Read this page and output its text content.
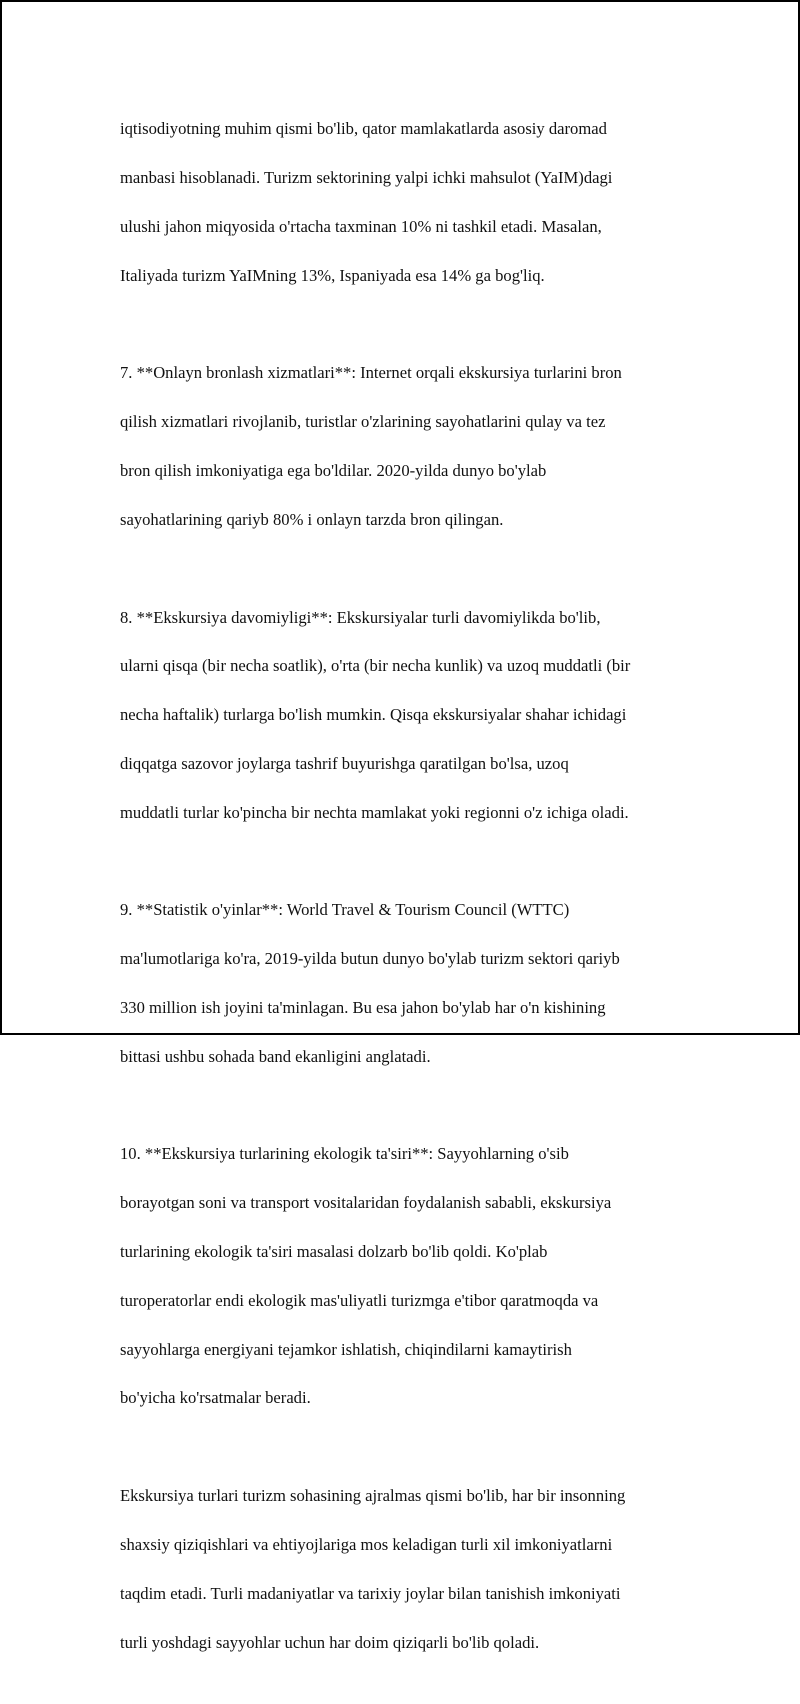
iqtisodiyotning muhim qismi bo'lib, qator mamlakatlarda asosiy daromad

manbasi hisoblanadi. Turizm sektorining yalpi ichki mahsulot (YaIM)dagi

ulushi jahon miqyosida o'rtacha taxminan 10% ni tashkil etadi. Masalan,

Italiyada turizm YaIMning 13%, Ispaniyada esa 14% ga bog'liq.

7. **Onlayn bronlash xizmatlari**: Internet orqali ekskursiya turlarini bron

qilish xizmatlari rivojlanib, turistlar o'zlarining sayohatlarini qulay va tez

bron qilish imkoniyatiga ega bo'ldilar. 2020-yilda dunyo bo'ylab

sayohatlarining qariyb 80% i onlayn tarzda bron qilingan.

8. **Ekskursiya davomiyligi**: Ekskursiyalar turli davomiylikda bo'lib,

ularni qisqa (bir necha soatlik), o'rta (bir necha kunlik) va uzoq muddatli (bir

necha haftalik) turlarga bo'lish mumkin. Qisqa ekskursiyalar shahar ichidagi

diqqatga sazovor joylarga tashrif buyurishga qaratilgan bo'lsa, uzoq

muddatli turlar ko'pincha bir nechta mamlakat yoki regionni o'z ichiga oladi.

9. **Statistik o'yinlar**: World Travel & Tourism Council (WTTC)

ma'lumotlariga ko'ra, 2019-yilda butun dunyo bo'ylab turizm sektori qariyb

330 million ish joyini ta'minlagan. Bu esa jahon bo'ylab har o'n kishining

bittasi ushbu sohada band ekanligini anglatadi.

10. **Ekskursiya turlarining ekologik ta'siri**: Sayyohlarning o'sib

borayotgan soni va transport vositalaridan foydalanish sababli, ekskursiya

turlarining ekologik ta'siri masalasi dolzarb bo'lib qoldi. Ko'plab

turoperatorlar endi ekologik mas'uliyatli turizmga e'tibor qaratmoqda va

sayyohlarga energiyani tejamkor ishlatish, chiqindilarni kamaytirish

bo'yicha ko'rsatmalar beradi.

Ekskursiya turlari turizm sohasining ajralmas qismi bo'lib, har bir insonning

shaxsiy qiziqishlari va ehtiyojlariga mos keladigan turli xil imkoniyatlarni

taqdim etadi. Turli madaniyatlar va tarixiy joylar bilan tanishish imkoniyati

turli yoshdagi sayyohlar uchun har doim qiziqarli bo'lib qoladi.
